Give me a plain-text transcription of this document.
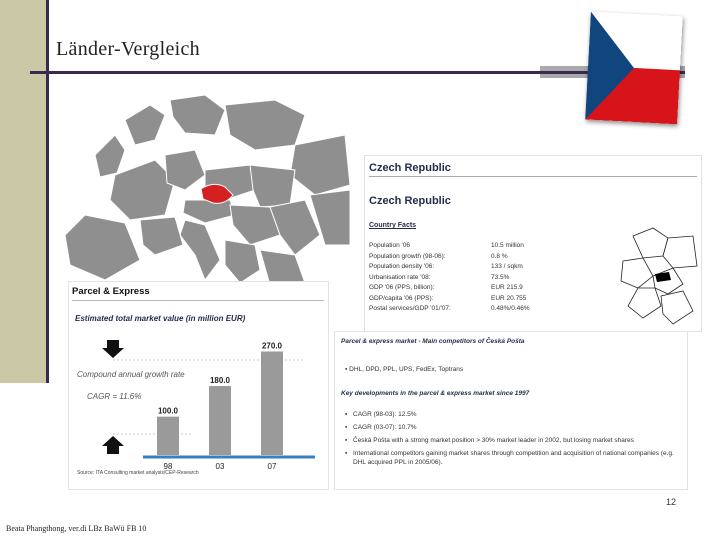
Länder-Vergleich
Czech Republic
Czech Republic
Country Facts
Population '06	10.5 million
Population growth (98-06):	0.8 %
Population density '06:	133 / sqkm
Urbanisation rate '08:	73.5%
GDP '06 (PPS, billion):	EUR 215.9
GDP/capita '06 (PPS):	EUR 20.755
Postal services/GDP '01/'07:	0.48%/0.46%
Parcel & Express
Estimated total market value (in million EUR)
Compound annual growth rate
CAGR = 11.6%
100.0
98
180.0
03
270.0
07
Source: ITA Consulting market analysis/CEP-Research
Parcel & express market - Main competitors of Česká Pošta
▪ DHL, DPD, PPL, UPS, FedEx, Toptrans
Key developments in the parcel & express market since 1997
▪ CAGR (98-03): 12.5%
▪ CAGR (03-07): 10.7%
▪ Česká Pošta with a strong market position > 30% market leader in 2002, but losing market shares
▪ International competitors gaining market shares through competition and acquisition of national companies (e.g. DHL acquired PPL in 2005/06).
12
Beata Phangthong, ver.di LBz BaWü FB 10
